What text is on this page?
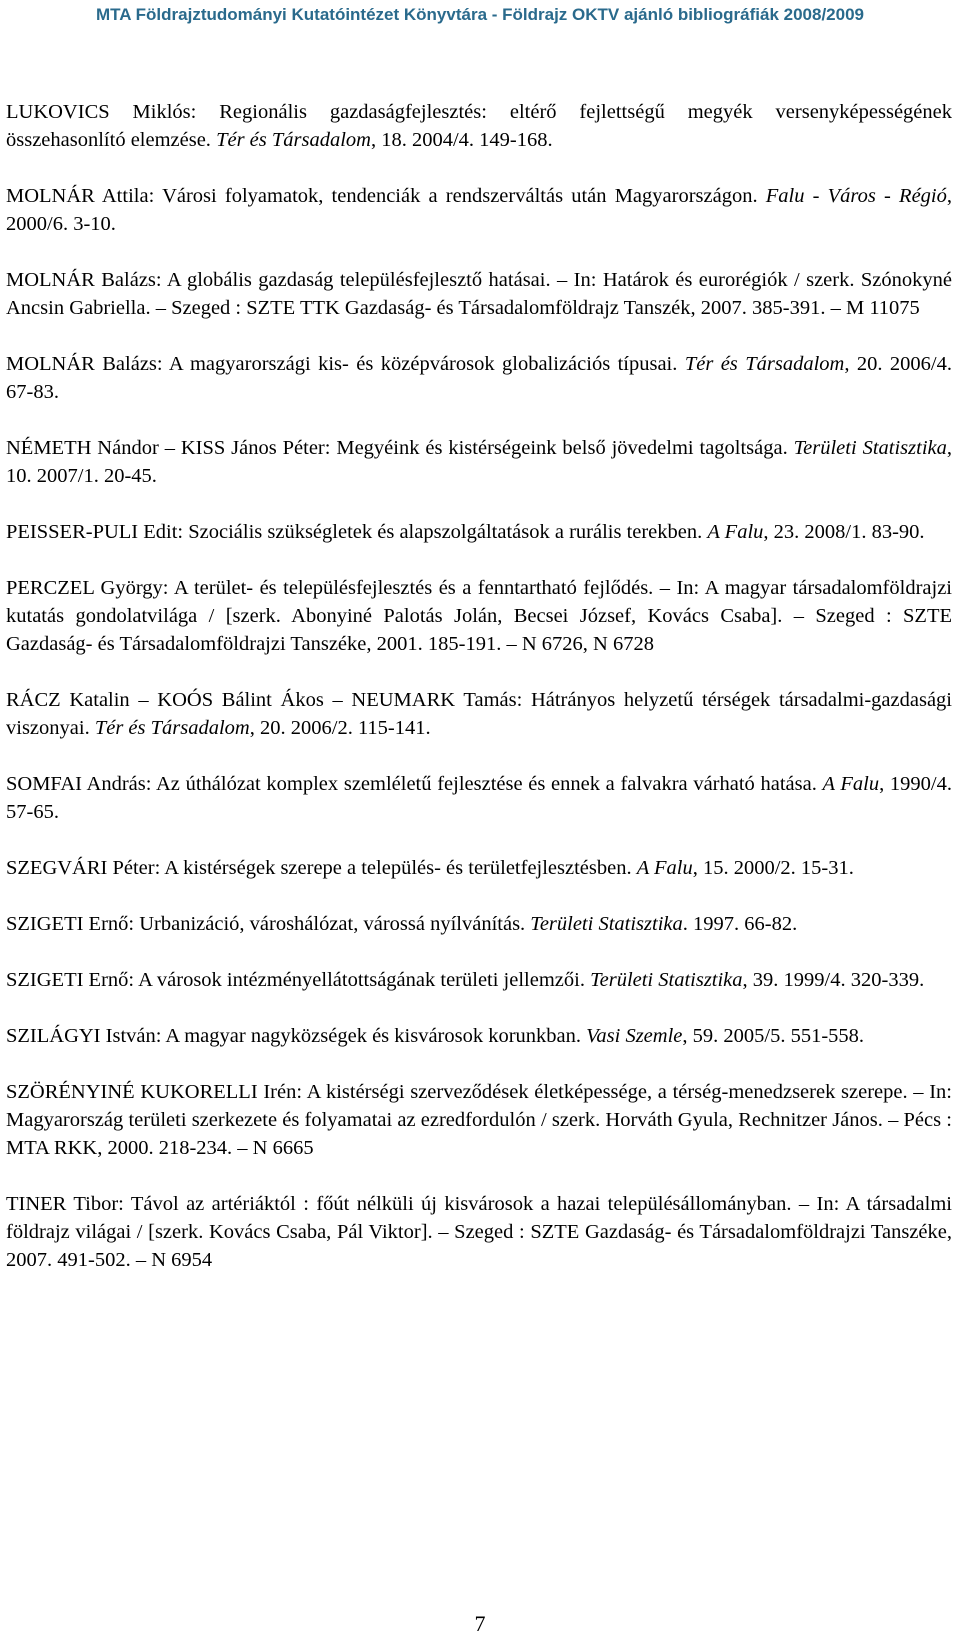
MTA Földrajztudományi Kutatóintézet Könyvtára - Földrajz OKTV ajánló bibliográfiák 2008/2009

LUKOVICS Miklós: Regionális gazdaságfejlesztés: eltérő fejlettségű megyék versenyképességének összehasonlító elemzése. Tér és Társadalom, 18. 2004/4. 149-168.

MOLNÁR Attila: Városi folyamatok, tendenciák a rendszerváltás után Magyarországon. Falu - Város - Régió, 2000/6. 3-10.

MOLNÁR Balázs: A globális gazdaság településfejlesztő hatásai. – In: Határok és eurorégiók / szerk. Szónokyné Ancsin Gabriella. – Szeged : SZTE TTK Gazdaság- és Társadalomföldrajz Tanszék, 2007. 385-391. – M 11075

MOLNÁR Balázs: A magyarországi kis- és középvárosok globalizációs típusai. Tér és Társadalom, 20. 2006/4. 67-83.

NÉMETH Nándor – KISS János Péter: Megyéink és kistérségeink belső jövedelmi tagoltsága. Területi Statisztika, 10. 2007/1. 20-45.

PEISSER-PULI Edit: Szociális szükségletek és alapszolgáltatások a rurális terekben. A Falu, 23. 2008/1. 83-90.

PERCZEL György: A terület- és településfejlesztés és a fenntartható fejlődés. – In: A magyar társadalomföldrajzi kutatás gondolatvilága / [szerk. Abonyiné Palotás Jolán, Becsei József, Kovács Csaba]. – Szeged : SZTE Gazdaság- és Társadalomföldrajzi Tanszéke, 2001. 185-191. – N 6726, N 6728

RÁCZ Katalin – KOÓS Bálint Ákos – NEUMARK Tamás: Hátrányos helyzetű térségek társadalmi-gazdasági viszonyai. Tér és Társadalom, 20. 2006/2. 115-141.

SOMFAI András: Az úthálózat komplex szemléletű fejlesztése és ennek a falvakra várható hatása. A Falu, 1990/4. 57-65.

SZEGVÁRI Péter: A kistérségek szerepe a település- és területfejlesztésben. A Falu, 15. 2000/2. 15-31.

SZIGETI Ernő: Urbanizáció, városhálózat, várossá nyílvánítás. Területi Statisztika. 1997. 66-82.

SZIGETI Ernő: A városok intézményellátottságának területi jellemzői. Területi Statisztika, 39. 1999/4. 320-339.

SZILÁGYI István: A magyar nagyközségek és kisvárosok korunkban. Vasi Szemle, 59. 2005/5. 551-558.

SZÖRÉNYINÉ KUKORELLI Irén: A kistérségi szerveződések életképessége, a térség-menedzserek szerepe. – In: Magyarország területi szerkezete és folyamatai az ezredfordulón / szerk. Horváth Gyula, Rechnitzer János. – Pécs : MTA RKK, 2000. 218-234. – N 6665

TINER Tibor: Távol az artériáktól : főút nélküli új kisvárosok a hazai településállományban. – In: A társadalmi földrajz világai / [szerk. Kovács Csaba, Pál Viktor]. – Szeged : SZTE Gazdaság- és Társadalomföldrajzi Tanszéke, 2007. 491-502. – N 6954

7
